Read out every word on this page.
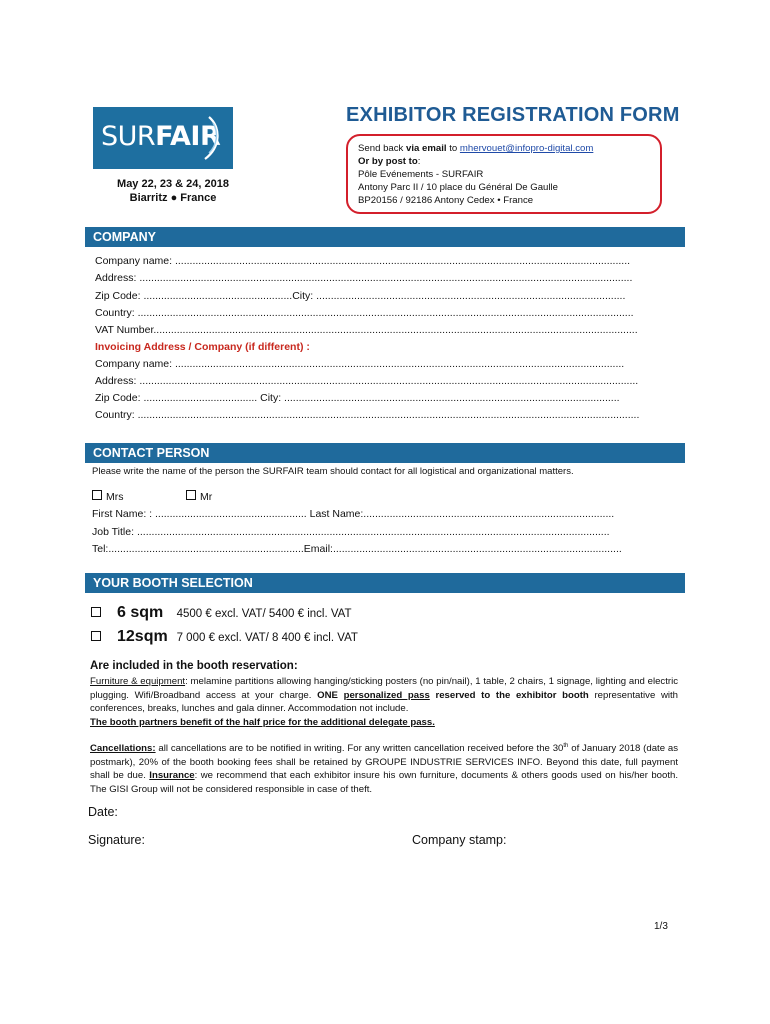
SURFAIR
May 22, 23 & 24, 2018
Biarritz ● France
EXHIBITOR REGISTRATION FORM
Send back via email to mhervouet@infopro-digital.com
Or by post to:
Pôle Evénements - SURFAIR
Antony Parc II / 10 place du Général De Gaulle
BP20156 / 92186 Antony Cedex • France
COMPANY
Company name: ............................................................................................................................................................
Address: .........................................................................................................................................................................
Zip Code: ...................................................City: ..........................................................................................................
Country: ..........................................................................................................................................................................
VAT Number......................................................................................................................................................................
Invoicing Address / Company (if different) :
Company name: ..........................................................................................................................................................
Address: ...........................................................................................................................................................................
Zip Code: ....................................... City: ...................................................................................................................
Country: ............................................................................................................................................................................
CONTACT PERSON
Please write the name of the person the SURFAIR team should contact for all logistical and organizational matters.
Mrs	Mr
First Name: : .................................................... Last Name:......................................................................................
Job Title: ..................................................................................................................................................................
Tel:...................................................................Email:...................................................................................................
YOUR BOOTH SELECTION
6 sqm 4500 € excl. VAT/ 5400 € incl. VAT
12sqm 7 000 € excl. VAT/ 8 400 € incl. VAT
Are included in the booth reservation:
Furniture & equipment: melamine partitions allowing hanging/sticking posters (no pin/nail), 1 table, 2 chairs, 1 signage, lighting and electric plugging. Wifi/Broadband access at your charge. ONE personalized pass reserved to the exhibitor booth representative with conferences, breaks, lunches and gala dinner. Accommodation not include.
The booth partners benefit of the half price for the additional delegate pass.
Cancellations: all cancellations are to be notified in writing. For any written cancellation received before the 30th of January 2018 (date as postmark), 20% of the booth booking fees shall be retained by GROUPE INDUSTRIE SERVICES INFO. Beyond this date, full payment shall be due. Insurance: we recommend that each exhibitor insure his own furniture, documents & others goods used on his/her booth. The GISI Group will not be considered responsible in case of theft.
Date:
Signature:	Company stamp:
1/3
